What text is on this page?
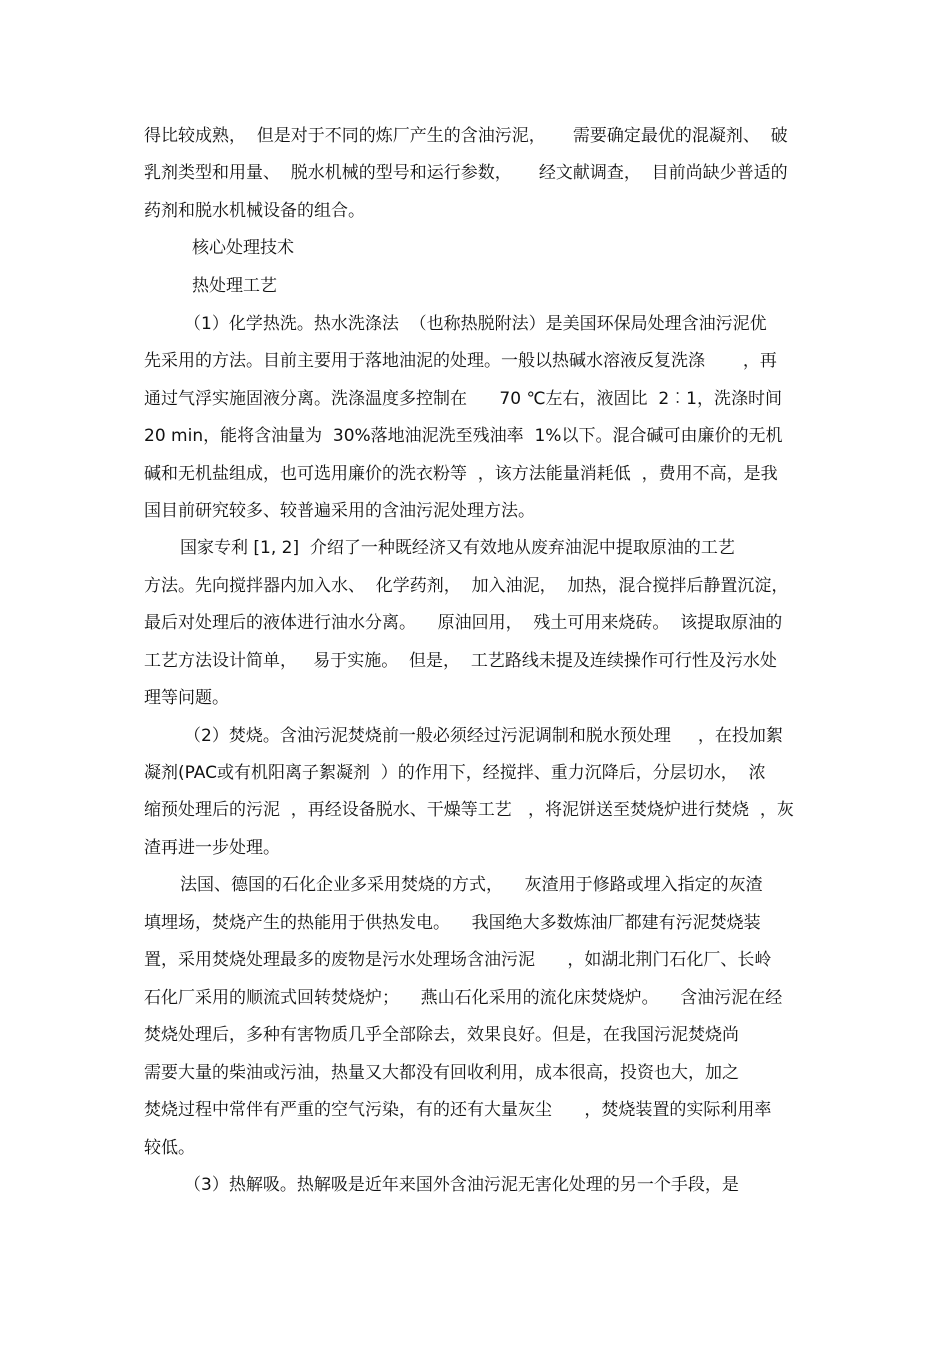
得比较成熟，  但是对于不同的炼厂产生的含油污泥，     需要确定最优的混凝剂、  破
乳剂类型和用量、  脱水机械的型号和运行参数，     经文献调查，  目前尚缺少普适的
药剂和脱水机械设备的组合。
核心处理技术
热处理工艺
（1）化学热洗。热水洗涤法  （也称热脱附法）是美国环保局处理含油污泥优
先采用的方法。目前主要用于落地油泥的处理。一般以热碱水溶液反复洗涤       ，再
通过气浮实施固液分离。洗涤温度多控制在      70 ℃左右，液固比  2︰1，洗涤时间
20 min，能将含油量为  30%落地油泥洗至残油率  1%以下。混合碱可由廉价的无机
碱和无机盐组成，也可选用廉价的洗衣粉等  ，该方法能量消耗低  ，费用不高，是我
国目前研究较多、较普遍采用的含油污泥处理方法。
国家专利 [1, 2]  介绍了一种既经济又有效地从废弃油泥中提取原油的工艺
方法。先向搅拌器内加入水、  化学药剂，  加入油泥，  加热，混合搅拌后静置沉淀，
最后对处理后的液体进行油水分离。    原油回用，  残土可用来烧砖。  该提取原油的
工艺方法设计简单，   易于实施。  但是，  工艺路线未提及连续操作可行性及污水处
理等问题。
（2）焚烧。含油污泥焚烧前一般必须经过污泥调制和脱水预处理     ，在投加絮
凝剂(PAC或有机阳离子絮凝剂  ）的作用下，经搅拌、重力沉降后，分层切水，  浓
缩预处理后的污泥  ，再经设备脱水、干燥等工艺   ，将泥饼送至焚烧炉进行焚烧  ，灰
渣再进一步处理。
法国、德国的石化企业多采用焚烧的方式，    灰渣用于修路或埋入指定的灰渣
填埋场，焚烧产生的热能用于供热发电。    我国绝大多数炼油厂都建有污泥焚烧装
置，采用焚烧处理最多的废物是污水处理场含油污泥      ，如湖北荆门石化厂、长岭
石化厂采用的顺流式回转焚烧炉；    燕山石化采用的流化床焚烧炉。    含油污泥在经
焚烧处理后，多种有害物质几乎全部除去，效果良好。但是，在我国污泥焚烧尚
需要大量的柴油或污油，热量又大都没有回收利用，成本很高，投资也大，加之
焚烧过程中常伴有严重的空气污染，有的还有大量灰尘      ，焚烧装置的实际利用率
较低。
（3）热解吸。热解吸是近年来国外含油污泥无害化处理的另一个手段，是
